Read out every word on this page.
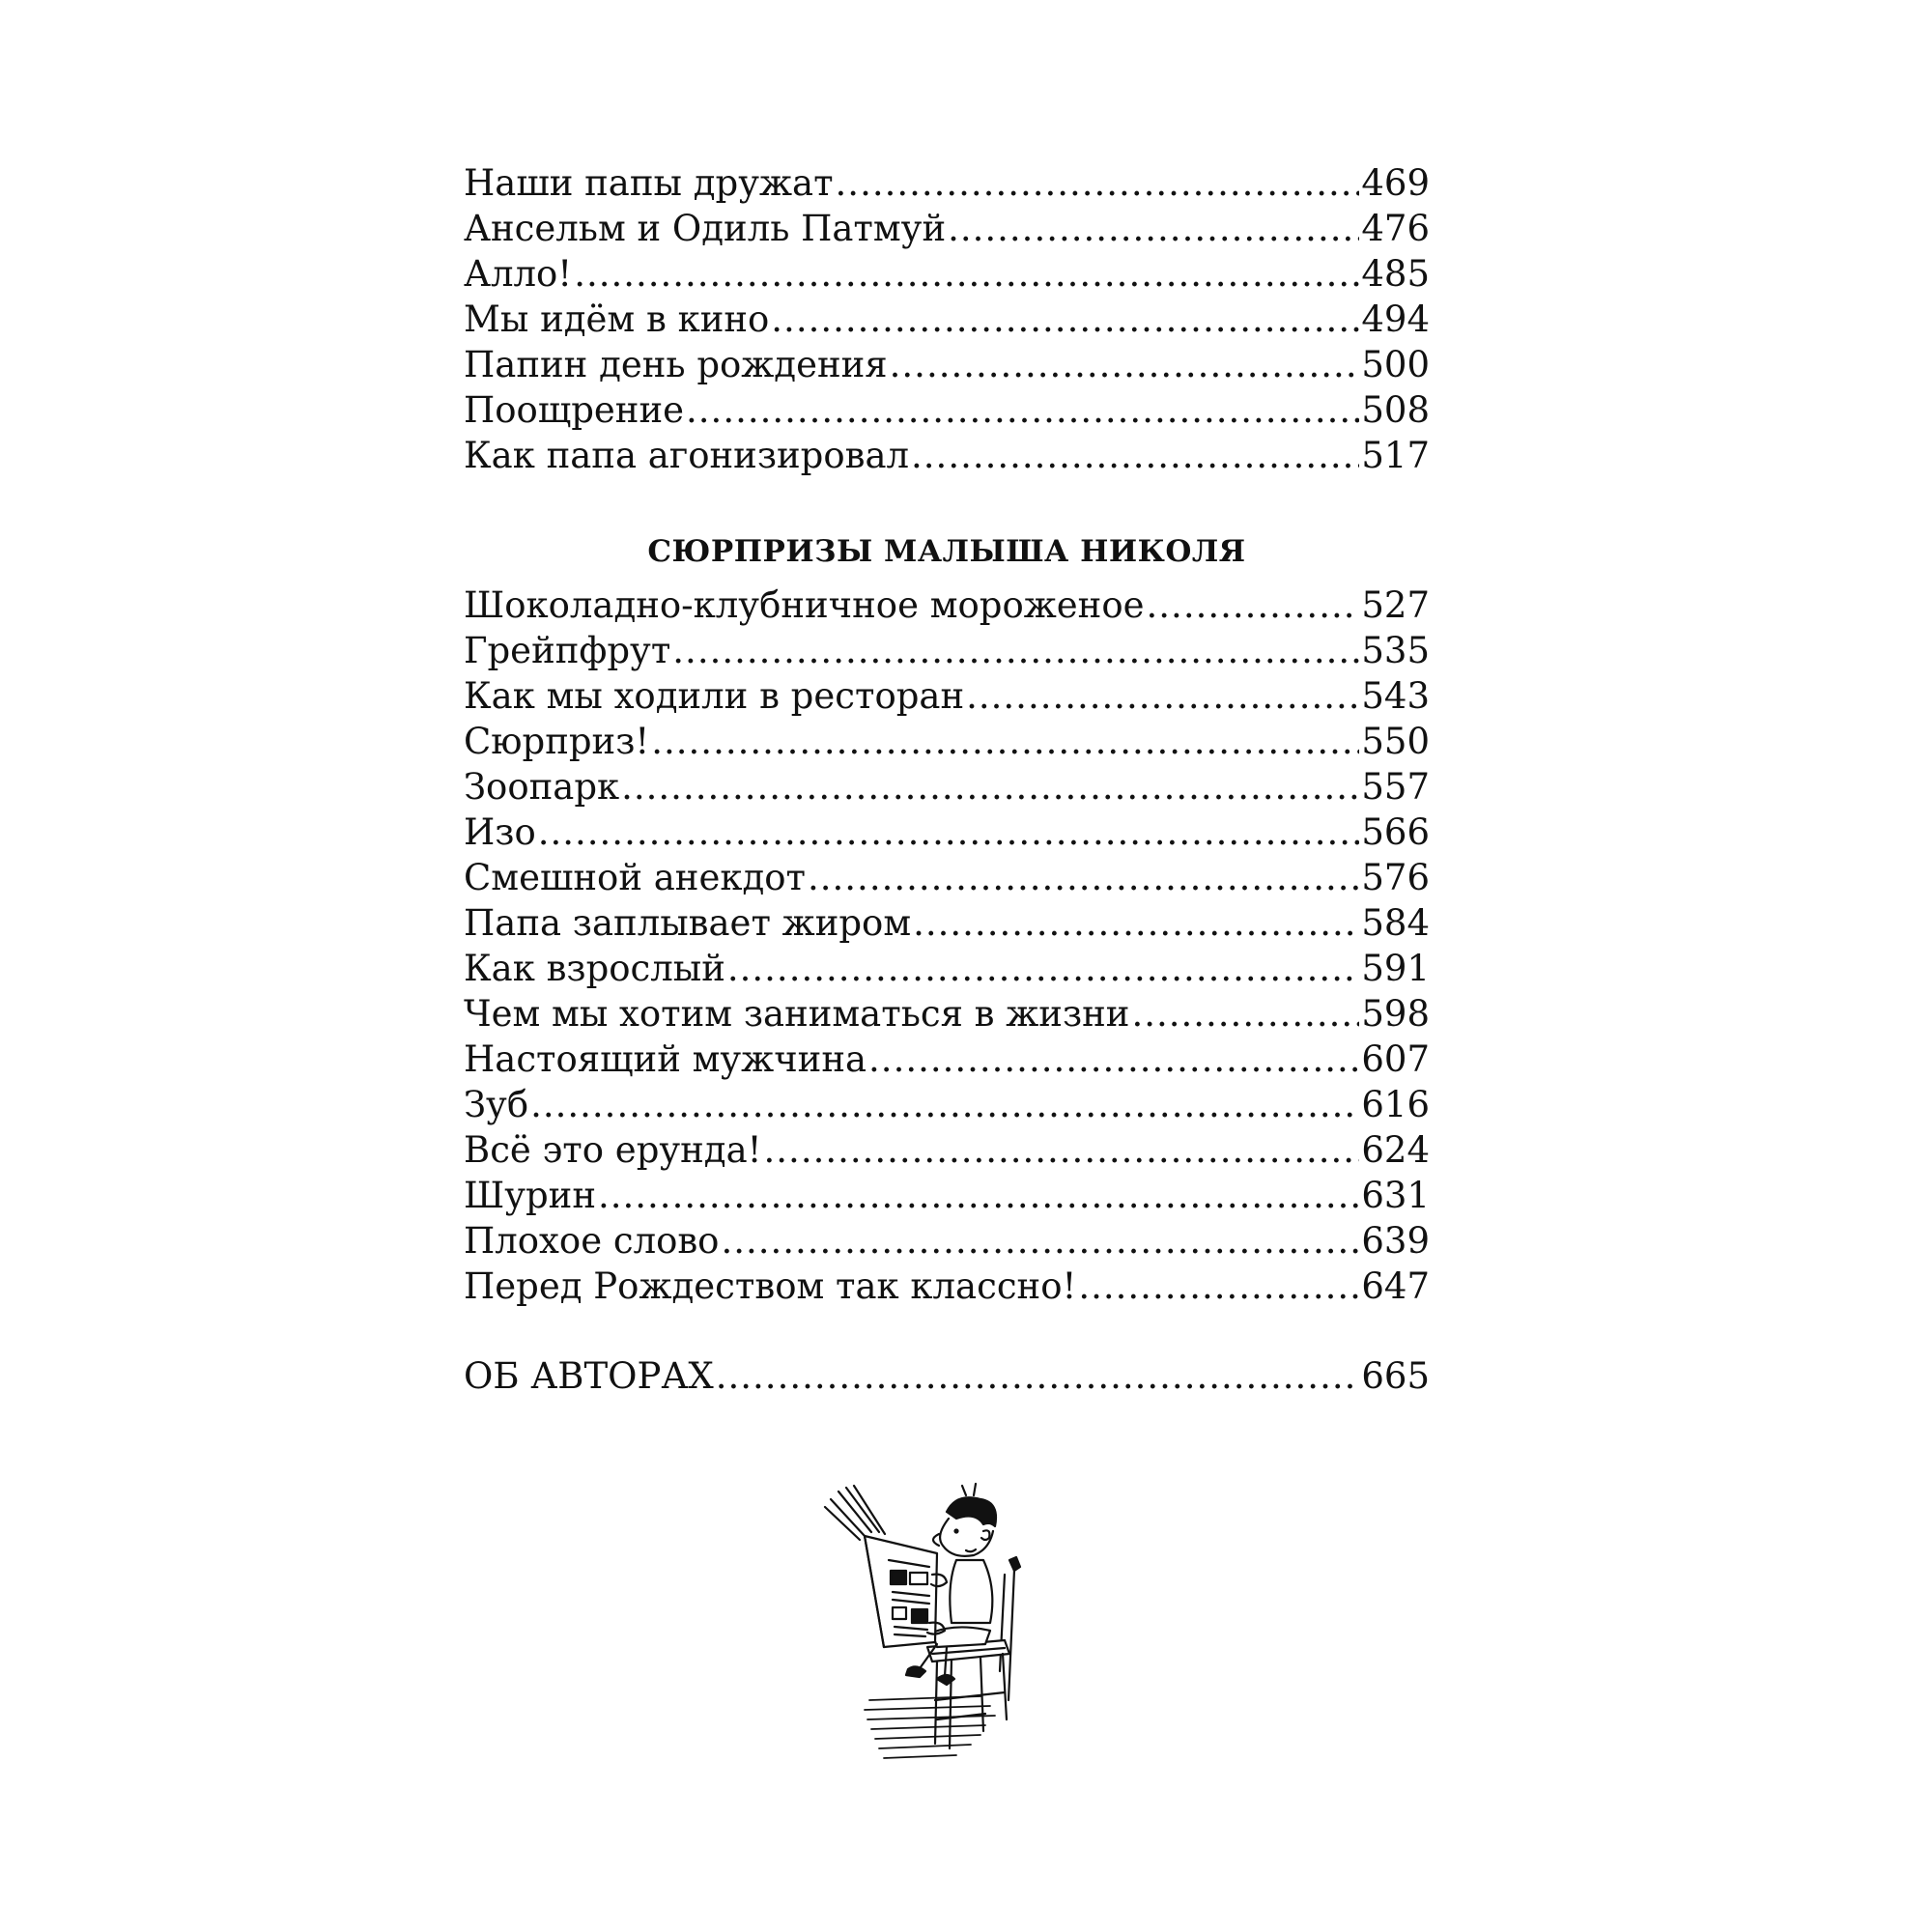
Наши папы дружат .....	469
Ансельм и Одиль Патмуй .....	476
Алло! .....	485
Мы идём в кино .....	494
Папин день рождения .....	500
Поощрение .....	508
Как папа агонизировал .....	517
СЮРПРИЗЫ МАЛЫША НИКОЛЯ
Шоколадно-клубничное мороженое .....	527
Грейпфрут .....	535
Как мы ходили в ресторан .....	543
Сюрприз! .....	550
Зоопарк .....	557
Изо .....	566
Смешной анекдот .....	576
Папа заплывает жиром .....	584
Как взрослый .....	591
Чем мы хотим заниматься в жизни .....	598
Настоящий мужчина .....	607
Зуб .....	616
Всё это ерунда! .....	624
Шурин .....	631
Плохое слово .....	639
Перед Рождеством так классно! .....	647
ОБ АВТОРАХ .....	665
